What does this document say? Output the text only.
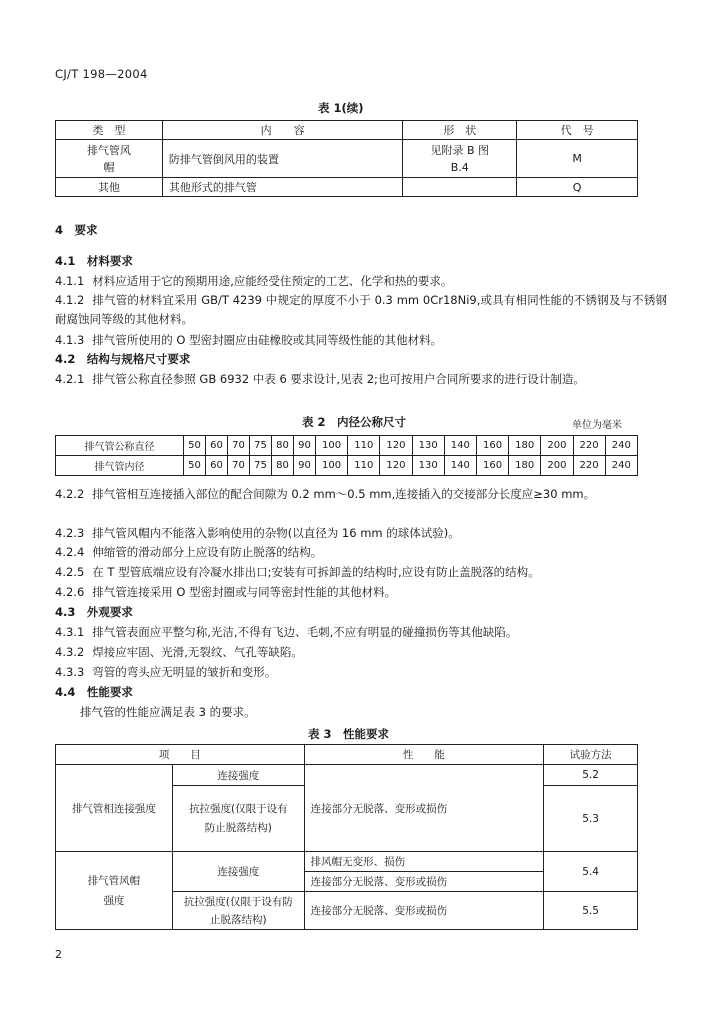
CJ/T 198—2004
表 1(续)
类　型	内　　容	形　状	代　号
排气管风帽	防排气管倒风用的装置	见附录 B 图 B.4	M
其他	其他形式的排气管		Q
4　要求
4.1　材料要求
4.1.1 材料应适用于它的预期用途,应能经受住预定的工艺、化学和热的要求。
4.1.2 排气管的材料宜采用 GB/T 4239 中规定的厚度不小于 0.3 mm 0Cr18Ni9,或具有相同性能的不锈钢及与不锈钢耐腐蚀同等级的其他材料。
4.1.3 排气管所使用的 O 型密封圈应由硅橡胶或其同等级性能的其他材料。
4.2　结构与规格尺寸要求
4.2.1 排气管公称直径参照 GB 6932 中表 6 要求设计,见表 2;也可按用户合同所要求的进行设计制造。
表 2　内径公称尺寸	单位为毫米
排气管公称直径	50	60	70	75	80	90	100	110	120	130	140	160	180	200	220	240
排气管内径	50	60	70	75	80	90	100	110	120	130	140	160	180	200	220	240
4.2.2 排气管相互连接插入部位的配合间隙为 0.2 mm～0.5 mm,连接插入的交接部分长度应≥30 mm。
4.2.3 排气管风帽内不能落入影响使用的杂物(以直径为 16 mm 的球体试验)。
4.2.4 伸缩管的滑动部分上应设有防止脱落的结构。
4.2.5 在 T 型管底端应设有冷凝水排出口;安装有可拆卸盖的结构时,应设有防止盖脱落的结构。
4.2.6 排气管连接采用 O 型密封圈或与同等密封性能的其他材料。
4.3　外观要求
4.3.1 排气管表面应平整匀称,光洁,不得有飞边、毛刺,不应有明显的碰撞损伤等其他缺陷。
4.3.2 焊接应牢固、光滑,无裂纹、气孔等缺陷。
4.3.3 弯管的弯头应无明显的皱折和变形。
4.4　性能要求
排气管的性能应满足表 3 的要求。
表 3　性能要求
项　　目		性　　能	试验方法
排气管相连接强度	连接强度	连接部分无脱落、变形或损伤	5.2
	抗拉强度(仅限于设有防止脱落结构)		5.3
排气管风帽强度	连接强度	排风帽无变形、损伤	5.4
		连接部分无脱落、变形或损伤	
	抗拉强度(仅限于设有防止脱落结构)	连接部分无脱落、变形或损伤	5.5
2
